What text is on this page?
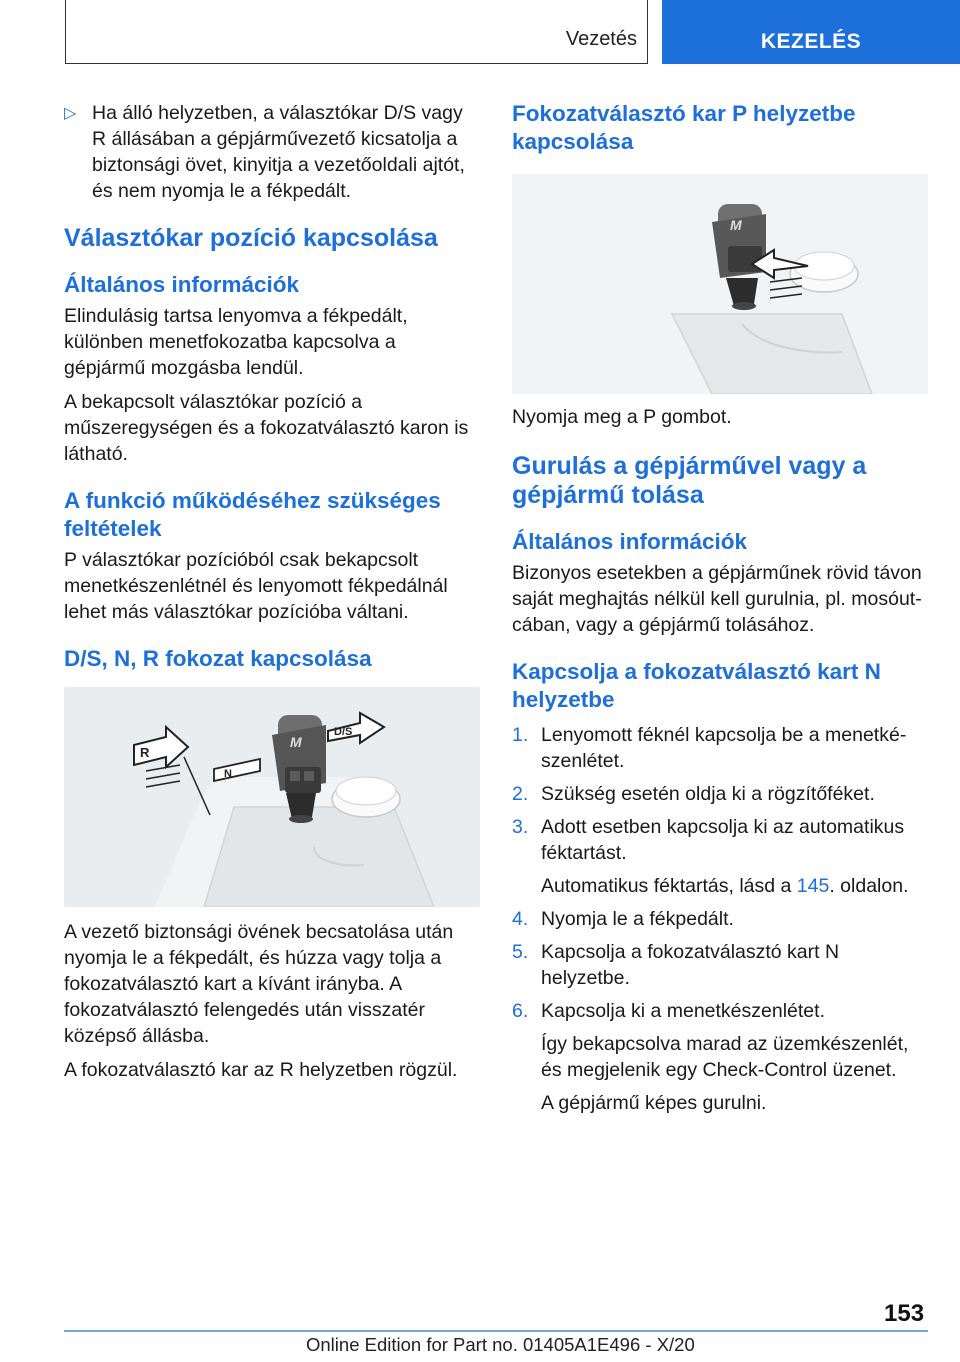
Vezetés	KEZELÉS
▷ Ha álló helyzetben, a választókar D/S vagy R állásában a gépjárművezető kicsatolja a biztonsági övet, kinyitja a vezetőoldali ajtót, és nem nyomja le a fékpedált.
Választókar pozíció kapcsolása
Általános információk

Elindulásig tartsa lenyomva a fékpedált, különben menetfokozatba kapcsolva a gépjármű mozgásba lendül.

A bekapcsolt választókar pozíció a műszeregységen és a fokozatválasztó karon is látható.

A funkció működéséhez szükséges feltételek

P választókar pozícióból csak bekapcsolt menetkészenlétnél és lenyomott fékpedálnál lehet más választókar pozícióba váltani.

D/S, N, R fokozat kapcsolása
R
N
D/S
M

A vezető biztonsági övének becsatolása után nyomja le a fékpedált, és húzza vagy tolja a fokozatválasztó kart a kívánt irányba. A fokozatválasztó felengedés után visszatér középső állásba.

A fokozatválasztó kar az R helyzetben rögzül.

Fokozatválasztó kar P helyzetbe kapcsolása
M

Nyomja meg a P gombot.

Gurulás a gépjárművel vagy a gépjármű tolása
Általános információk

Bizonyos esetekben a gépjárműnek rövid távon saját meghajtás nélkül kell gurulnia, pl. mosóutcában, vagy a gépjármű tolásához.

Kapcsolja a fokozatválasztó kart N helyzetbe
1. Lenyomott féknél kapcsolja be a menetkészenlétet.
2. Szükség esetén oldja ki a rögzítőféket.
3. Adott esetben kapcsolja ki az automatikus féktartást.
Automatikus féktartás, lásd a 145. oldalon.
4. Nyomja le a fékpedált.
5. Kapcsolja a fokozatválasztó kart N helyzetbe.
6. Kapcsolja ki a menetkészenlétet.
Így bekapcsolva marad az üzemkészenlét, és megjelenik egy Check-Control üzenet.
A gépjármű képes gurulni.
153
Online Edition for Part no. 01405A1E496 - X/20
